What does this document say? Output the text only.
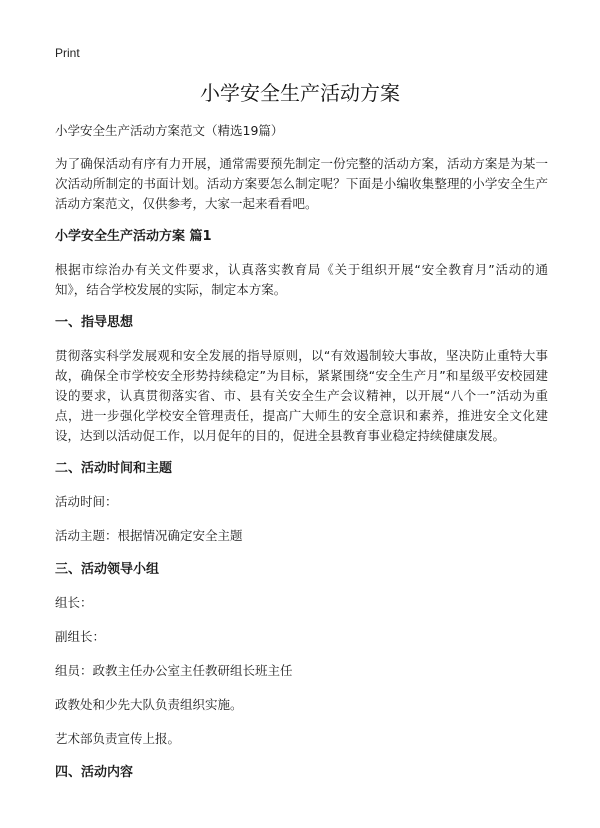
Print
小学安全生产活动方案

小学安全生产活动方案范文（精选19篇）

为了确保活动有序有力开展，通常需要预先制定一份完整的活动方案，活动方案是为某一次活动所制定的书面计划。活动方案要怎么制定呢？下面是小编收集整理的小学安全生产活动方案范文，仅供参考，大家一起来看看吧。

小学安全生产活动方案 篇1

根据市综治办有关文件要求，认真落实教育局《关于组织开展“安全教育月”活动的通知》，结合学校发展的实际，制定本方案。

一、指导思想

贯彻落实科学发展观和安全发展的指导原则，以“有效遏制较大事故，坚决防止重特大事故，确保全市学校安全形势持续稳定”为目标，紧紧围绕“安全生产月”和星级平安校园建设的要求，认真贯彻落实省、市、县有关安全生产会议精神，以开展“八个一”活动为重点，进一步强化学校安全管理责任，提高广大师生的安全意识和素养，推进安全文化建设，达到以活动促工作，以月促年的目的，促进全县教育事业稳定持续健康发展。

二、活动时间和主题

活动时间：

活动主题：根据情况确定安全主题

三、活动领导小组

组长：

副组长：

组员：政教主任办公室主任教研组长班主任

政教处和少先大队负责组织实施。

艺术部负责宣传上报。

四、活动内容
